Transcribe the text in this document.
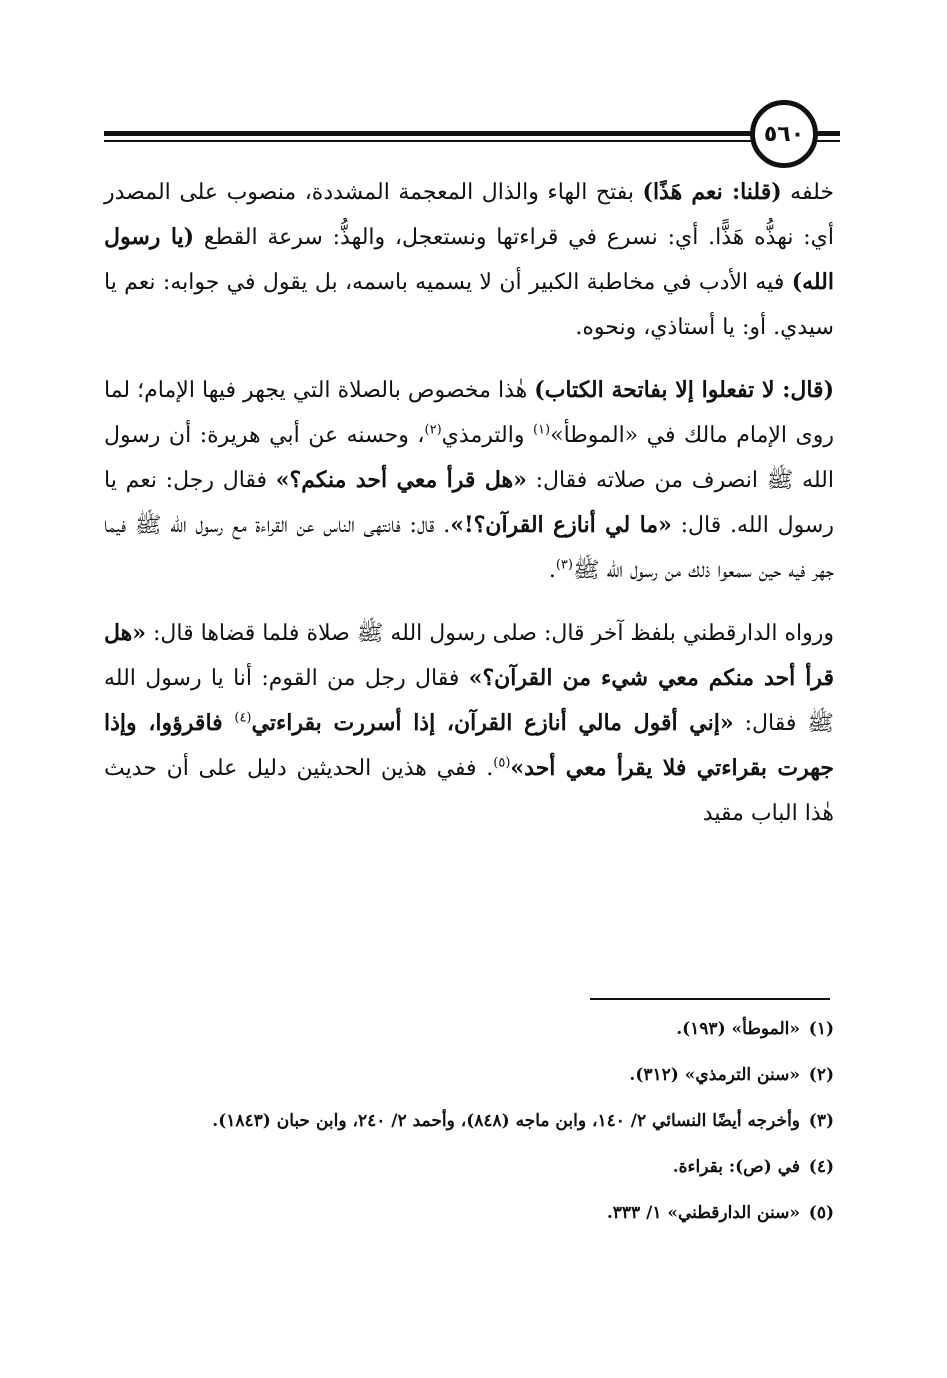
٥٦٠

خلفه (قلنا: نعم هَذًا) بفتح الهاء والذال المعجمة المشددة، منصوب على المصدر أي: نهذُّه هَذًّا. أي: نسرع في قراءتها ونستعجل، والهذُّ: سرعة القطع (يا رسول الله) فيه الأدب في مخاطبة الكبير أن لا يسميه باسمه، بل يقول في جوابه: نعم يا سيدي. أو: يا أستاذي، ونحوه.

(قال: لا تفعلوا إلا بفاتحة الكتاب) هٰذا مخصوص بالصلاة التي يجهر فيها الإمام؛ لما روى الإمام مالك في «الموطأ»$^{(١)}$ والترمذي$^{(٢)}$، وحسنه عن أبي هريرة: أن رسول الله ﷺ انصرف من صلاته فقال: «هل قرأ معي أحد منكم؟» فقال رجل: نعم يا رسول الله. قال: «ما لي أنازع القرآن؟!». قال: فانتهى الناس عن القراءة مع رسول الله ﷺ فيما جهر فيه حين سمعوا ذلك من رسول الله ﷺ$^{(٣)}$.

ورواه الدارقطني بلفظ آخر قال: صلى رسول الله ﷺ صلاة فلما قضاها قال: «هل قرأ أحد منكم معي شيء من القرآن؟» فقال رجل من القوم: أنا يا رسول الله ﷺ فقال: «إني أقول مالي أنازع القرآن، إذا أسررت بقراءتي$^{(٤)}$ فاقرؤوا، وإذا جهرت بقراءتي فلا يقرأ معي أحد»$^{(٥)}$. ففي هذين الحديثين دليل على أن حديث هٰذا الباب مقيد

(١)
«الموطأ» (١٩٣).
(٢)
«سنن الترمذي» (٣١٢).
(٣)
وأخرجه أيضًا النسائي ٢/ ١٤٠، وابن ماجه (٨٤٨)، وأحمد ٢/ ٢٤٠، وابن حبان (١٨٤٣).
(٤)
في (ص): بقراءة.
(٥)
«سنن الدارقطني» ١/ ٣٣٣.
